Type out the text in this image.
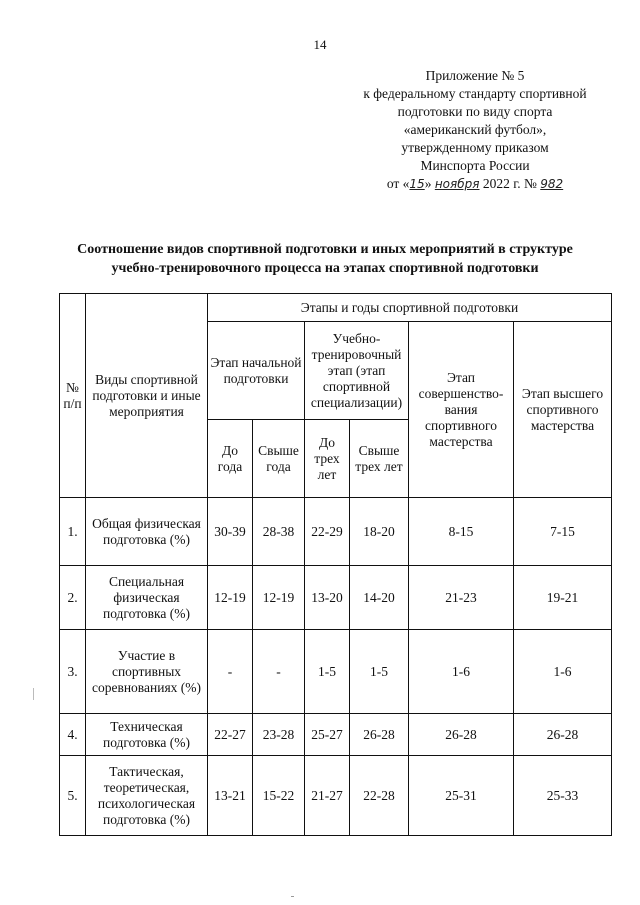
14
Приложение № 5
к федеральному стандарту спортивной
подготовки по виду спорта
«американский футбол»,
утвержденному приказом
Минспорта России
от «15» ноября 2022 г. № 982
Соотношение видов спортивной подготовки и иных мероприятий в структуре учебно-тренировочного процесса на этапах спортивной подготовки
№ п/п	Виды спортивной подготовки и иные мероприятия	Этапы и годы спортивной подготовки					
		Этап начальной подготовки		Учебно-тренировочный этап (этап спортивной специализации)		Этап совершенство-вания спортивного мастерства	Этап высшего спортивного мастерства
		До года	Свыше года	До трех лет	Свыше трех лет		
1.	Общая физическая подготовка (%)	30-39	28-38	22-29	18-20	8-15	7-15
2.	Специальная физическая подготовка (%)	12-19	12-19	13-20	14-20	21-23	19-21
3.	Участие в спортивных соревнованиях (%)	-	-	1-5	1-5	1-6	1-6
4.	Техническая подготовка (%)	22-27	23-28	25-27	26-28	26-28	26-28
5.	Тактическая, теоретическая, психологическая подготовка (%)	13-21	15-22	21-27	22-28	25-31	25-33
